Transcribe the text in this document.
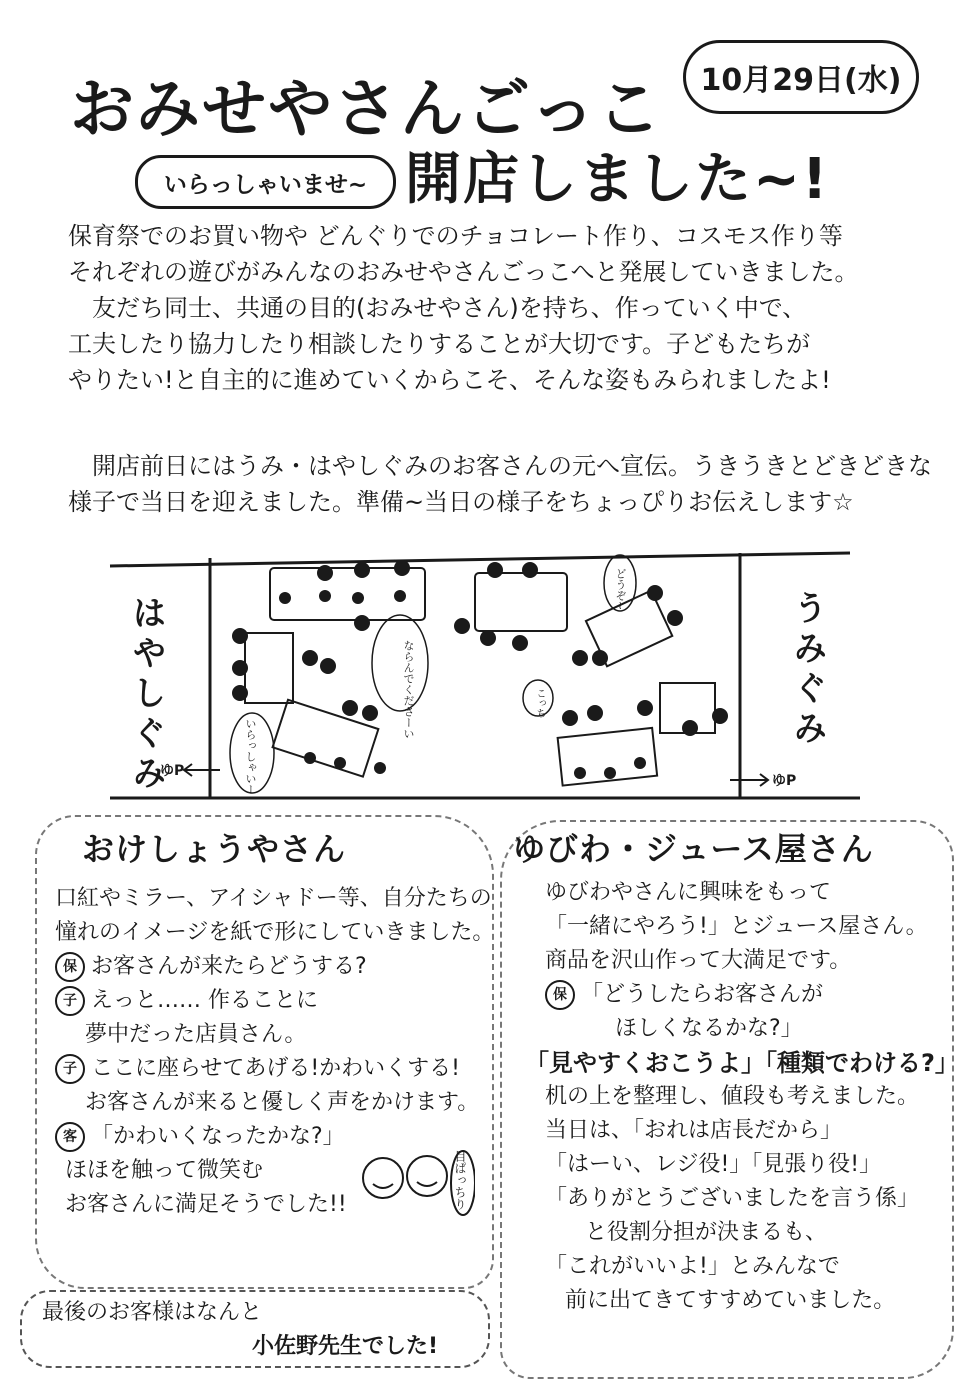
おみせやさんごっこ	10月29日(水)
いらっしゃいませ~ 開店しました~!

保育祭でのお買い物や どんぐりでのチョコレート作り、コスモス作り等

それぞれの遊びがみんなのおみせやさんごっこへと発展していきました。

友だち同士、共通の目的(おみせやさん)を持ち、作っていく中で、

工夫したり協力したり相談したりすることが大切です。子どもたちが

やりたい!と自主的に進めていくからこそ、そんな姿もみられましたよ!

開店前日にはうみ・はやしぐみのお客さんの元へ宣伝。うきうきとどきどきな

様子で当日を迎えました。準備~当日の様子をちょっぴりお伝えします☆

はやしぐみ	うみぐみ
ゆP
ゆP
ならんでくださーい
どうぞ~
いらっしゃいー
こっち
おけしょうやさん

口紅やミラー、アイシャドー等、自分たちの

憧れのイメージを紙で形にしていきました。

保 お客さんが来たらどうする?

子 えっと…… 作ることに

夢中だった店員さん。

子 ここに座らせてあげる!かわいくする!

お客さんが来ると優しく声をかけます。

客 「かわいくなったかな?」

ほほを触って微笑む

お客さんに満足そうでした!!	目ぱっちり

最後のお客様はなんと

小佐野先生でした!

ゆびわ・ジュース屋さん

ゆびわやさんに興味をもって

「一緒にやろう!」とジュース屋さん。

商品を沢山作って大満足です。

保 「どうしたらお客さんが

ほしくなるかな?」

「見やすくおこうよ」「種類でわける?」

机の上を整理し、値段も考えました。

当日は、「おれは店長だから」

「はーい、レジ役!」「見張り役!」

「ありがとうございましたを言う係」

と役割分担が決まるも、

「これがいいよ!」とみんなで

前に出てきてすすめていました。
